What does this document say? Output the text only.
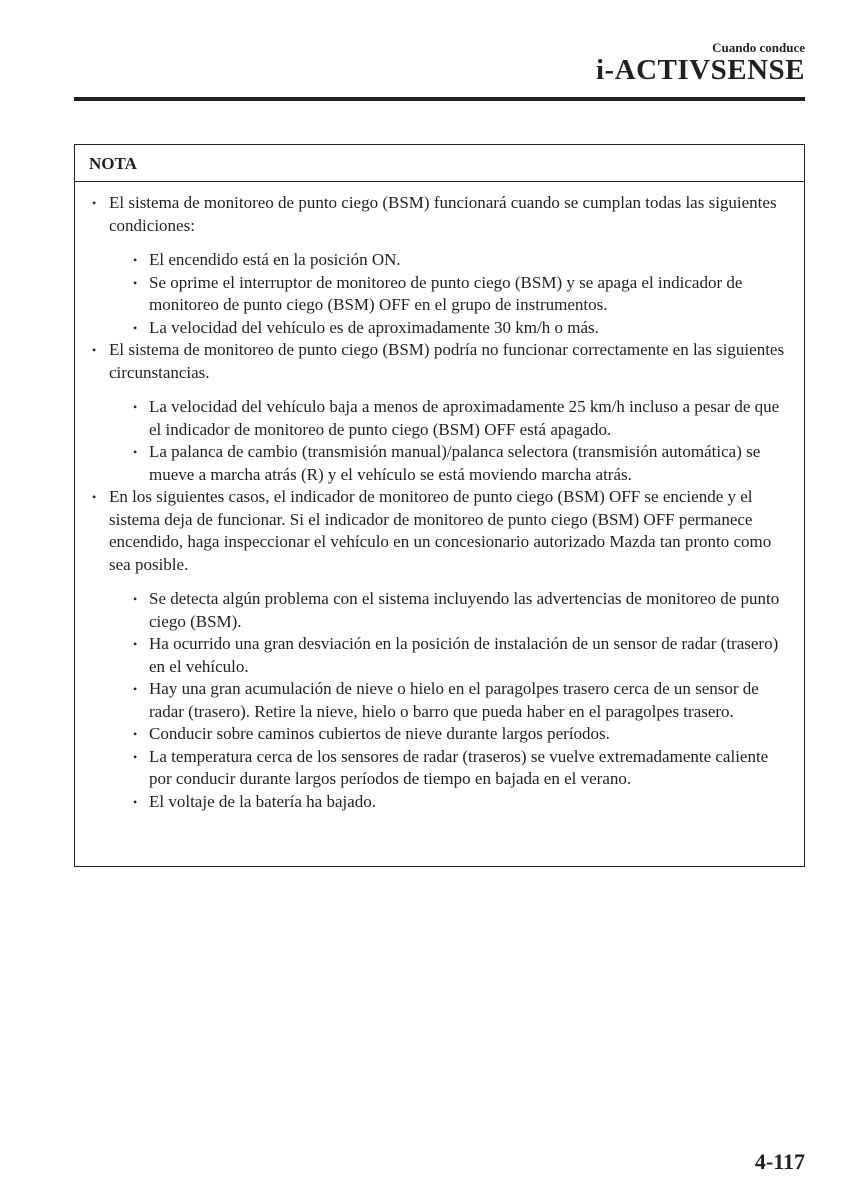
Cuando conduce
i-ACTIVSENSE
NOTA
• El sistema de monitoreo de punto ciego (BSM) funcionará cuando se cumplan todas las siguientes condiciones:
• El encendido está en la posición ON.
• Se oprime el interruptor de monitoreo de punto ciego (BSM) y se apaga el indicador de monitoreo de punto ciego (BSM) OFF en el grupo de instrumentos.
• La velocidad del vehículo es de aproximadamente 30 km/h o más.
• El sistema de monitoreo de punto ciego (BSM) podría no funcionar correctamente en las siguientes circunstancias.
• La velocidad del vehículo baja a menos de aproximadamente 25 km/h incluso a pesar de que el indicador de monitoreo de punto ciego (BSM) OFF está apagado.
• La palanca de cambio (transmisión manual)/palanca selectora (transmisión automática) se mueve a marcha atrás (R) y el vehículo se está moviendo marcha atrás.
• En los siguientes casos, el indicador de monitoreo de punto ciego (BSM) OFF se enciende y el sistema deja de funcionar. Si el indicador de monitoreo de punto ciego (BSM) OFF permanece encendido, haga inspeccionar el vehículo en un concesionario autorizado Mazda tan pronto como sea posible.
• Se detecta algún problema con el sistema incluyendo las advertencias de monitoreo de punto ciego (BSM).
• Ha ocurrido una gran desviación en la posición de instalación de un sensor de radar (trasero) en el vehículo.
• Hay una gran acumulación de nieve o hielo en el paragolpes trasero cerca de un sensor de radar (trasero). Retire la nieve, hielo o barro que pueda haber en el paragolpes trasero.
• Conducir sobre caminos cubiertos de nieve durante largos períodos.
• La temperatura cerca de los sensores de radar (traseros) se vuelve extremadamente caliente por conducir durante largos períodos de tiempo en bajada en el verano.
• El voltaje de la batería ha bajado.
4-117
